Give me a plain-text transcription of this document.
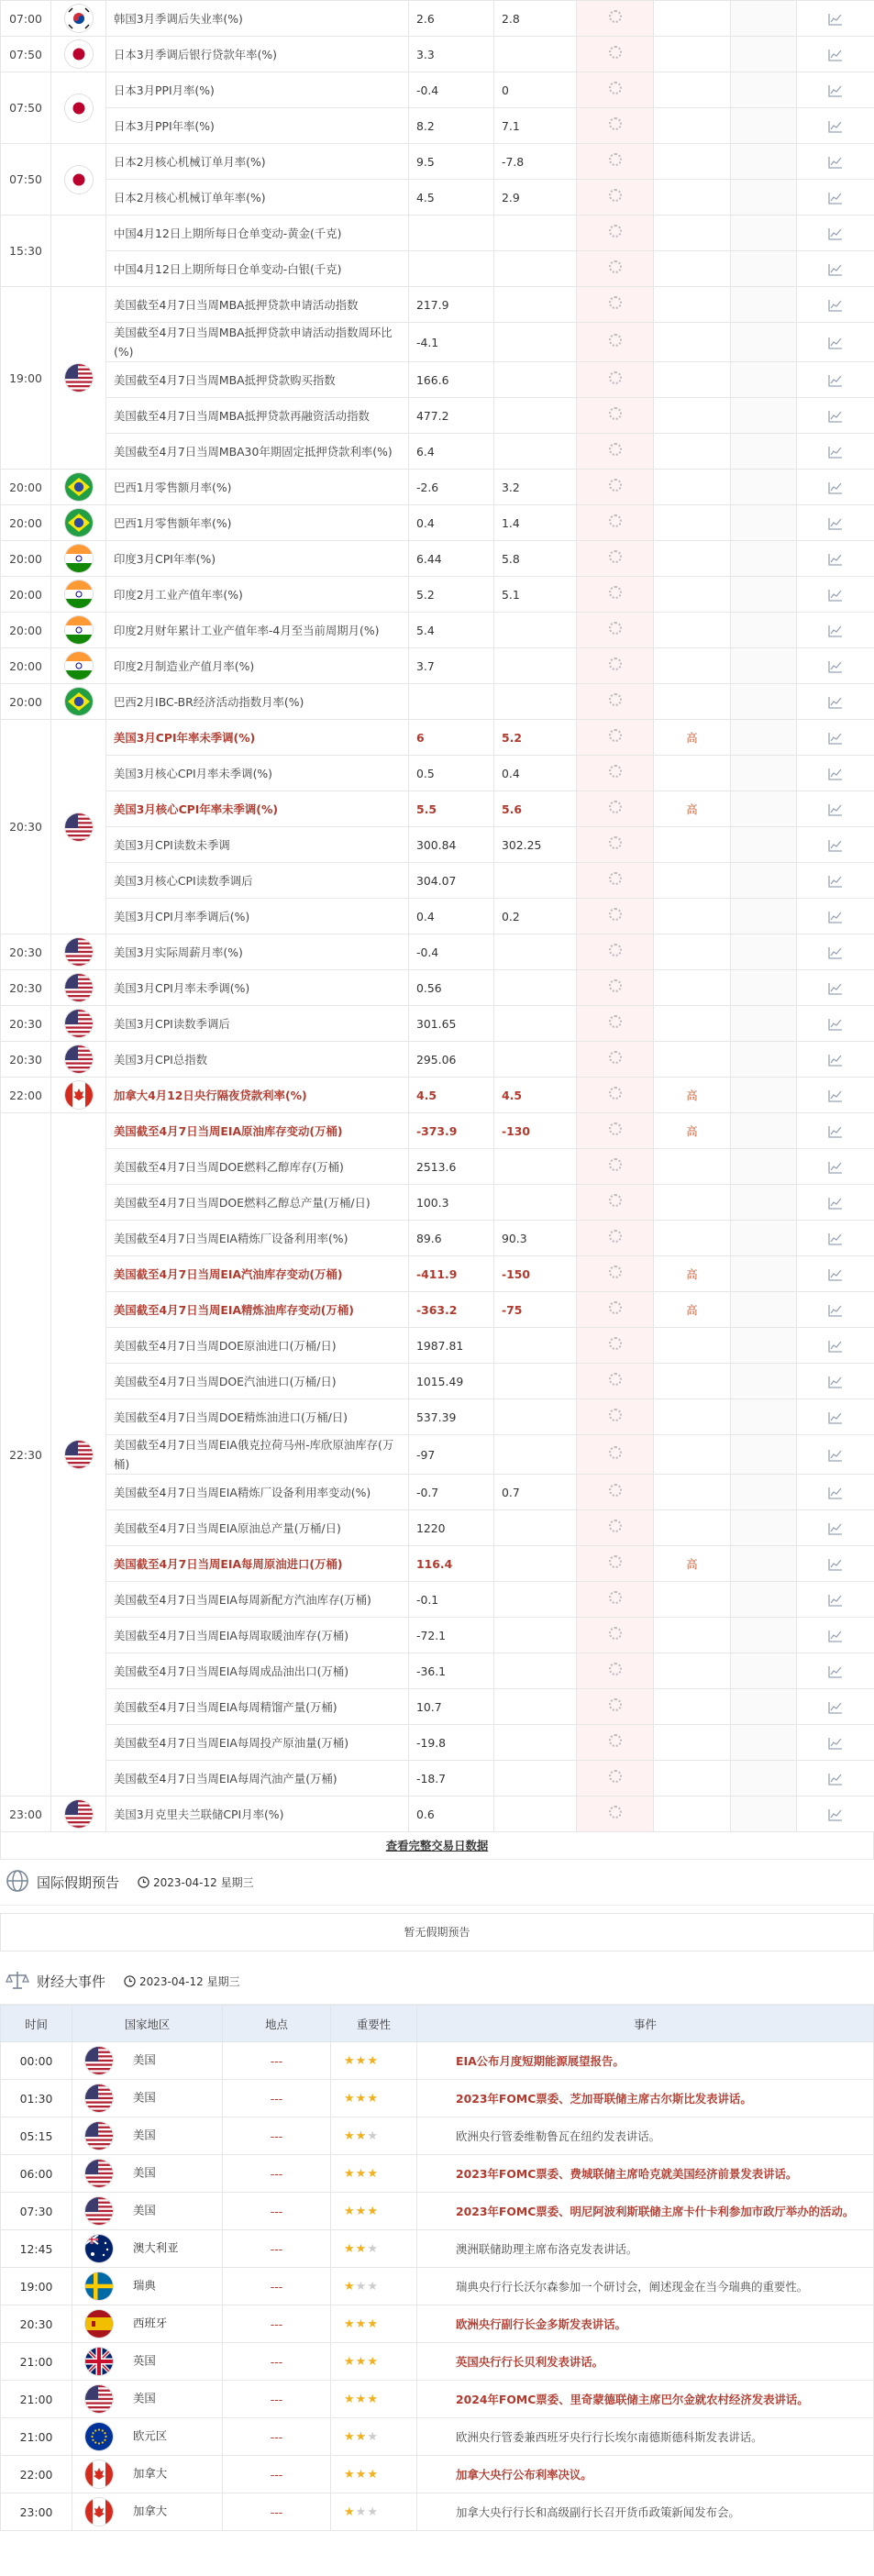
07:00		韩国3月季调后失业率(%)	2.6	2.8				
07:50		日本3月季调后银行贷款年率(%)	3.3					
07:50		日本3月PPI月率(%)	-0.4	0				
		日本3月PPI年率(%)	8.2	7.1				
07:50		日本2月核心机械订单月率(%)	9.5	-7.8				
		日本2月核心机械订单年率(%)	4.5	2.9				
15:30		中国4月12日上期所每日仓单变动-黄金(千克)						
		中国4月12日上期所每日仓单变动-白银(千克)						
19:00		美国截至4月7日当周MBA抵押贷款申请活动指数	217.9					
		美国截至4月7日当周MBA抵押贷款申请活动指数周环比(%)	-4.1					
		美国截至4月7日当周MBA抵押贷款购买指数	166.6					
		美国截至4月7日当周MBA抵押贷款再融资活动指数	477.2					
		美国截至4月7日当周MBA30年期固定抵押贷款利率(%)	6.4					
20:00		巴西1月零售额月率(%)	-2.6	3.2				
20:00		巴西1月零售额年率(%)	0.4	1.4				
20:00		印度3月CPI年率(%)	6.44	5.8				
20:00		印度2月工业产值年率(%)	5.2	5.1				
20:00		印度2月财年累计工业产值年率-4月至当前周期月(%)	5.4					
20:00		印度2月制造业产值月率(%)	3.7					
20:00		巴西2月IBC-BR经济活动指数月率(%)						
20:30		美国3月CPI年率未季调(%)	6	5.2		高		
		美国3月核心CPI月率未季调(%)	0.5	0.4				
		美国3月核心CPI年率未季调(%)	5.5	5.6		高		
		美国3月CPI读数未季调	300.84	302.25				
		美国3月核心CPI读数季调后	304.07					
		美国3月CPI月率季调后(%)	0.4	0.2				
20:30		美国3月实际周薪月率(%)	-0.4					
20:30		美国3月CPI月率未季调(%)	0.56					
20:30		美国3月CPI读数季调后	301.65					
20:30		美国3月CPI总指数	295.06					
22:00		加拿大4月12日央行隔夜贷款利率(%)	4.5	4.5		高		
22:30		美国截至4月7日当周EIA原油库存变动(万桶)	-373.9	-130		高		
		美国截至4月7日当周DOE燃料乙醇库存(万桶)	2513.6					
		美国截至4月7日当周DOE燃料乙醇总产量(万桶/日)	100.3					
		美国截至4月7日当周EIA精炼厂设备利用率(%)	89.6	90.3				
		美国截至4月7日当周EIA汽油库存变动(万桶)	-411.9	-150		高		
		美国截至4月7日当周EIA精炼油库存变动(万桶)	-363.2	-75		高		
		美国截至4月7日当周DOE原油进口(万桶/日)	1987.81					
		美国截至4月7日当周DOE汽油进口(万桶/日)	1015.49					
		美国截至4月7日当周DOE精炼油进口(万桶/日)	537.39					
		美国截至4月7日当周EIA俄克拉荷马州-库欣原油库存(万桶)	-97					
		美国截至4月7日当周EIA精炼厂设备利用率变动(%)	-0.7	0.7				
		美国截至4月7日当周EIA原油总产量(万桶/日)	1220					
		美国截至4月7日当周EIA每周原油进口(万桶)	116.4			高		
		美国截至4月7日当周EIA每周新配方汽油库存(万桶)	-0.1					
		美国截至4月7日当周EIA每周取暖油库存(万桶)	-72.1					
		美国截至4月7日当周EIA每周成品油出口(万桶)	-36.1					
		美国截至4月7日当周EIA每周精馏产量(万桶)	10.7					
		美国截至4月7日当周EIA每周投产原油量(万桶)	-19.8					
		美国截至4月7日当周EIA每周汽油产量(万桶)	-18.7					
23:00		美国3月克里夫兰联储CPI月率(%)	0.6					
查看完整交易日数据
国际假期预告	2023-04-12 星期三
暂无假期预告
财经大事件	2023-04-12 星期三
时间	国家地区	地点	重要性	事件
00:00	美国	---	★★★	EIA公布月度短期能源展望报告。
01:30	美国	---	★★★	2023年FOMC票委、芝加哥联储主席古尔斯比发表讲话。
05:15	美国	---	★★★	欧洲央行管委维勒鲁瓦在纽约发表讲话。
06:00	美国	---	★★★	2023年FOMC票委、费城联储主席哈克就美国经济前景发表讲话。
07:30	美国	---	★★★	2023年FOMC票委、明尼阿波利斯联储主席卡什卡利参加市政厅举办的活动。
12:45	澳大利亚	---	★★★	澳洲联储助理主席布洛克发表讲话。
19:00	瑞典	---	★★★	瑞典央行行长沃尔森参加一个研讨会，阐述现金在当今瑞典的重要性。
20:30	西班牙	---	★★★	欧洲央行副行长金多斯发表讲话。
21:00	英国	---	★★★	英国央行行长贝利发表讲话。
21:00	美国	---	★★★	2024年FOMC票委、里奇蒙德联储主席巴尔金就农村经济发表讲话。
21:00	欧元区	---	★★★	欧洲央行管委兼西班牙央行行长埃尔南德斯德科斯发表讲话。
22:00	加拿大	---	★★★	加拿大央行公布利率决议。
23:00	加拿大	---	★★★	加拿大央行行长和高级副行长召开货币政策新闻发布会。
